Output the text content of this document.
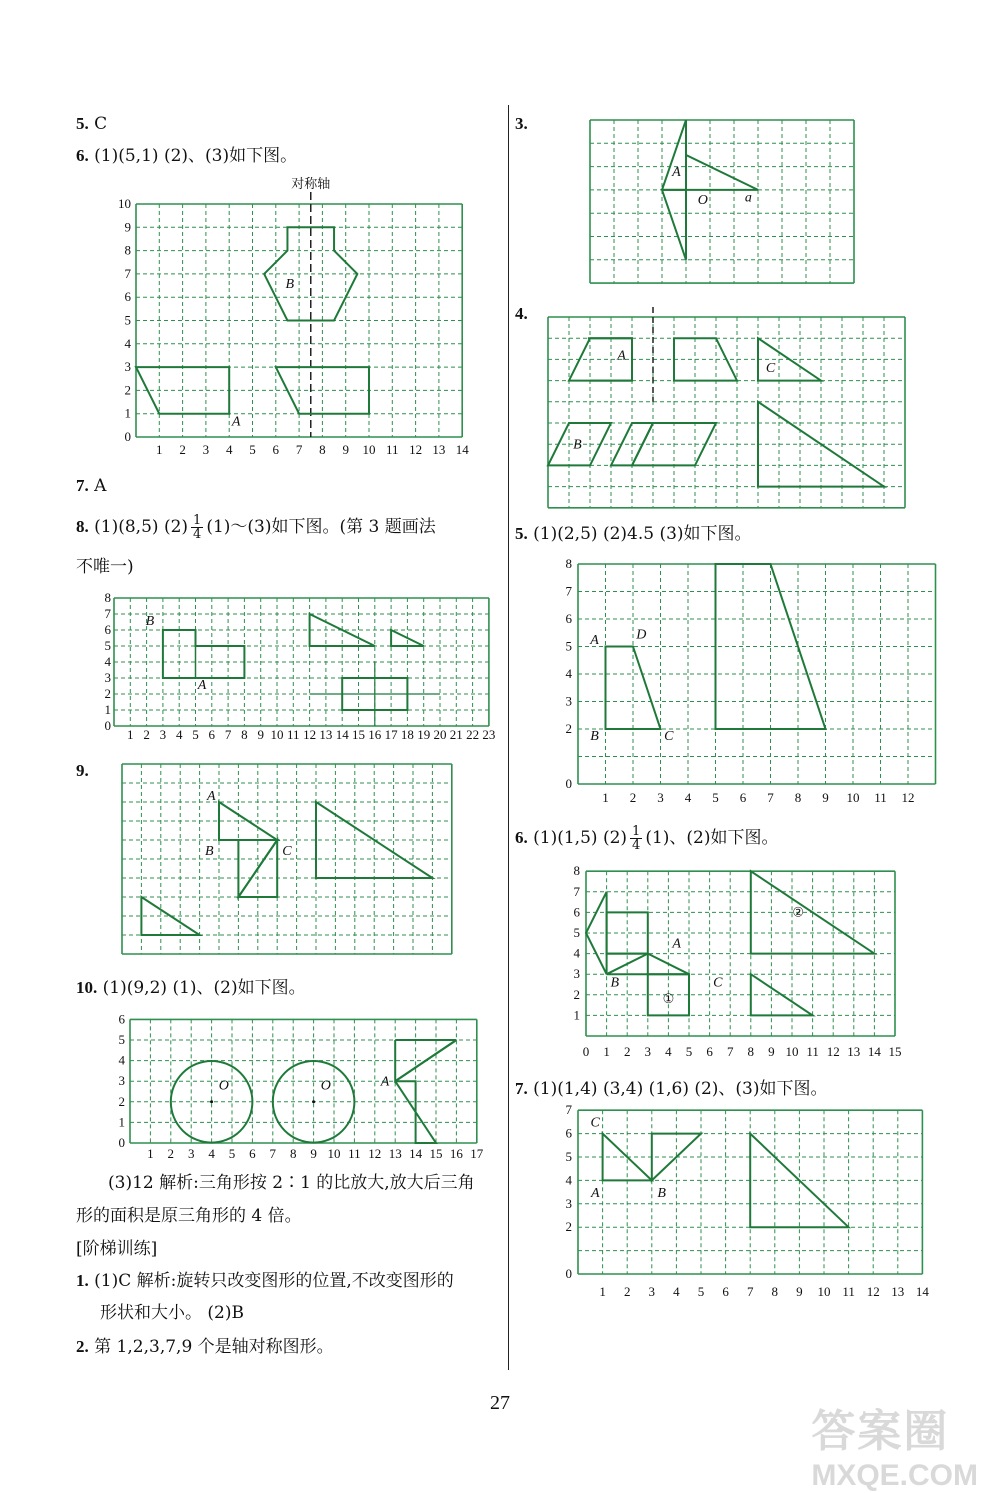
5. C
6. (1)(5,1) (2)、(3)如下图。
1 2 3 4 5 6 7 8 9 10 11 12 13 14
0
1
2
3
4
5
6
7
8
9
10
对称轴
B
A
7. A
8. (1)(8,5) $(2) \frac{1}{4}$ (1)～(3)如下图。(第 3 题画法
不唯一)
1 2 3 4 5 6 7 8 9 10 11 12 13 14 15 16 17 18 19 20 21 22 23
0
1
2
3
4
5
6
7
8
B
A
9.
A
B	C
10. (1)(9,2) (1)、(2)如下图。
1 2 3 4 5 6 7 8 9 10 11 12 13 14 15 16 17
0
1
2
3
4
5
6
O	O	A
(3)12 解析:三角形按 2∶1 的比放大,放大后三角
形的面积是原三角形的 4 倍。
[阶梯训练]
1. (1)C 解析:旋转只改变图形的位置,不改变图形的
形状和大小。 (2)B
2. 第 1,2,3,7,9 个是轴对称图形。
3.
A
O	a
4.
A
B
C
5. (1)(2,5) (2)4.5 (3)如下图。
1 2 3 4 5 6 7 8 9 10 11 12
0
2
3
4
5
6
7
8
A
B	C
D
6. (1)(1,5) $(2) \frac{1}{4} (1)$、(2)如下图。
0 1 2 3 4 5 6 7 8 9 10 11 12 13 14 15
1
2
3
4
5
6
7
8
A
B	C
①
②
7. (1)(1,4) (3,4) (1,6) (2)、(3)如下图。
1 2 3 4 5 6 7 8 9 10 11 12 13 14
0
2
3
4
5
6
7
C
A	B
27
答案圈
MXQE.COM
